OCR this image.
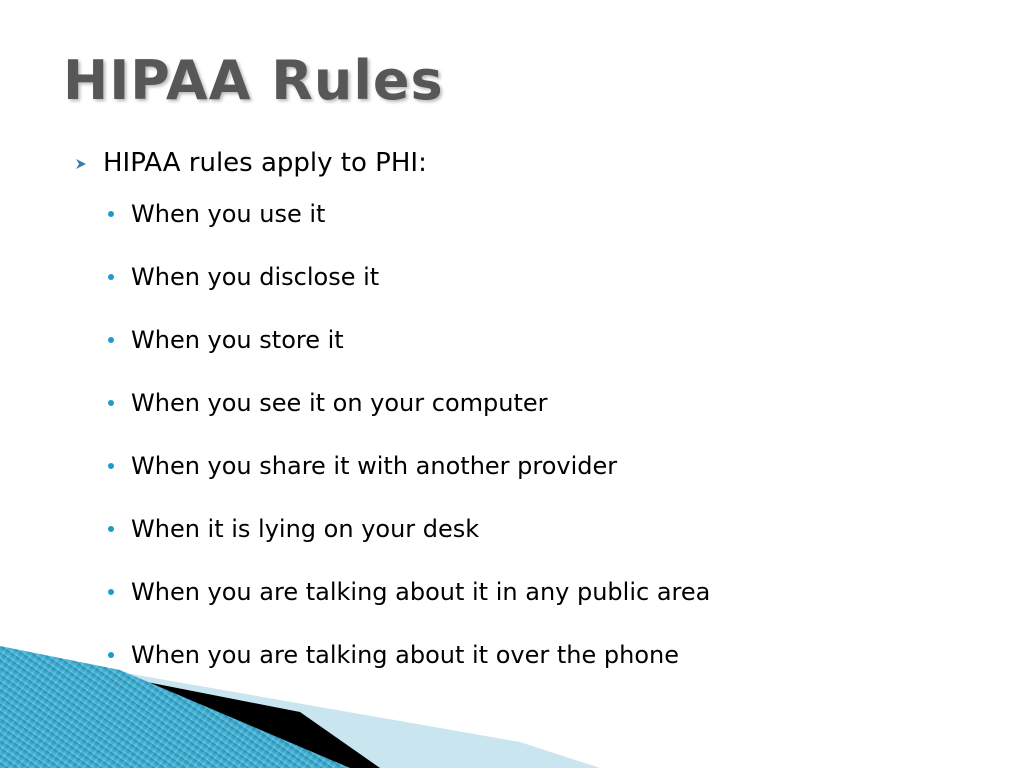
HIPAA Rules
HIPAA rules apply to PHI:
When you use it
When you disclose it
When you store it
When you see it on your computer
When you share it with another provider
When it is lying on your desk
When you are talking about it in any public area
When you are talking about it over the phone
